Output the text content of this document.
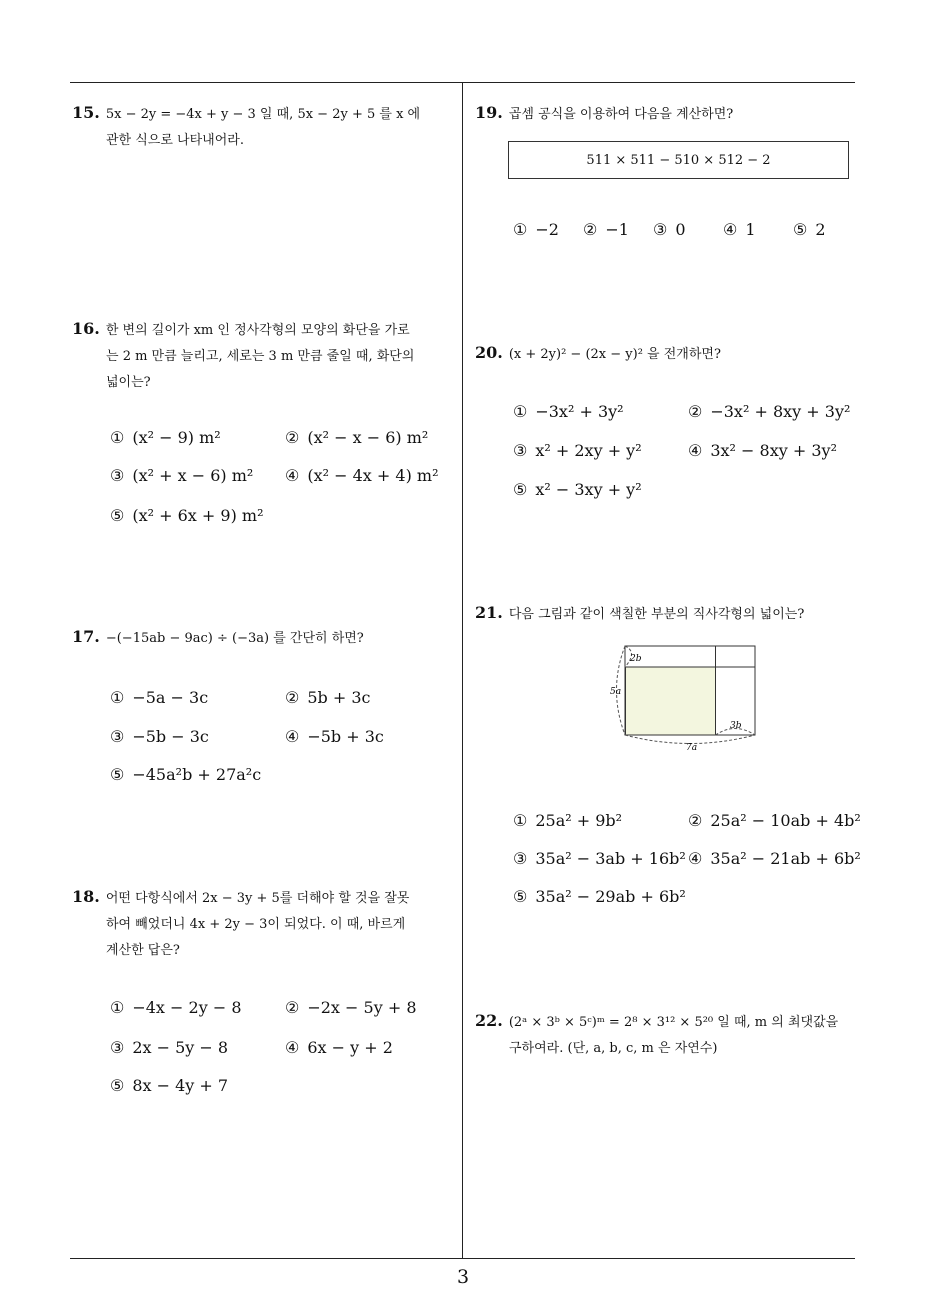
15. 5x − 2y = −4x + y − 3 일 때, 5x − 2y + 5 를 x 에
관한 식으로 나타내어라.
16. 한 변의 길이가 xm 인 정사각형의 모양의 화단을 가로
는 2 m 만큼 늘리고, 세로는 3 m 만큼 줄일 때, 화단의
넓이는?
① (x² − 9) m²	② (x² − x − 6) m²
③ (x² + x − 6) m² ④ (x² − 4x + 4) m²
⑤ (x² + 6x + 9) m²
17. −(−15ab − 9ac) ÷ (−3a) 를 간단히 하면?
① −5a − 3c	② 5b + 3c
③ −5b − 3c	④ −5b + 3c
⑤ −45a²b + 27a²c
18. 어떤 다항식에서 2x − 3y + 5를 더해야 할 것을 잘못
하여 빼었더니 4x + 2y − 3이 되었다. 이 때, 바르게
계산한 답은?
① −4x − 2y − 8	② −2x − 5y + 8
③ 2x − 5y − 8	④ 6x − y + 2
⑤ 8x − 4y + 7
19. 곱셈 공식을 이용하여 다음을 계산하면?
511 × 511 − 510 × 512 − 2
① −2 ② −1 ③ 0 ④ 1 ⑤ 2
20. (x + 2y)² − (2x − y)² 을 전개하면?
① −3x² + 3y²	② −3x² + 8xy + 3y²
③ x² + 2xy + y²	④ 3x² − 8xy + 3y²
⑤ x² − 3xy + y²
21. 다음 그림과 같이 색칠한 부분의 직사각형의 넓이는?
2b
5a
3b
7a
① 25a² + 9b²	② 25a² − 10ab + 4b²
③ 35a² − 3ab + 16b² ④ 35a² − 21ab + 6b²
⑤ 35a² − 29ab + 6b²
22. (2ᵃ × 3ᵇ × 5ᶜ)ᵐ = 2⁸ × 3¹² × 5²⁰ 일 때, m 의 최댓값을
구하여라. (단, a, b, c, m 은 자연수)
3
